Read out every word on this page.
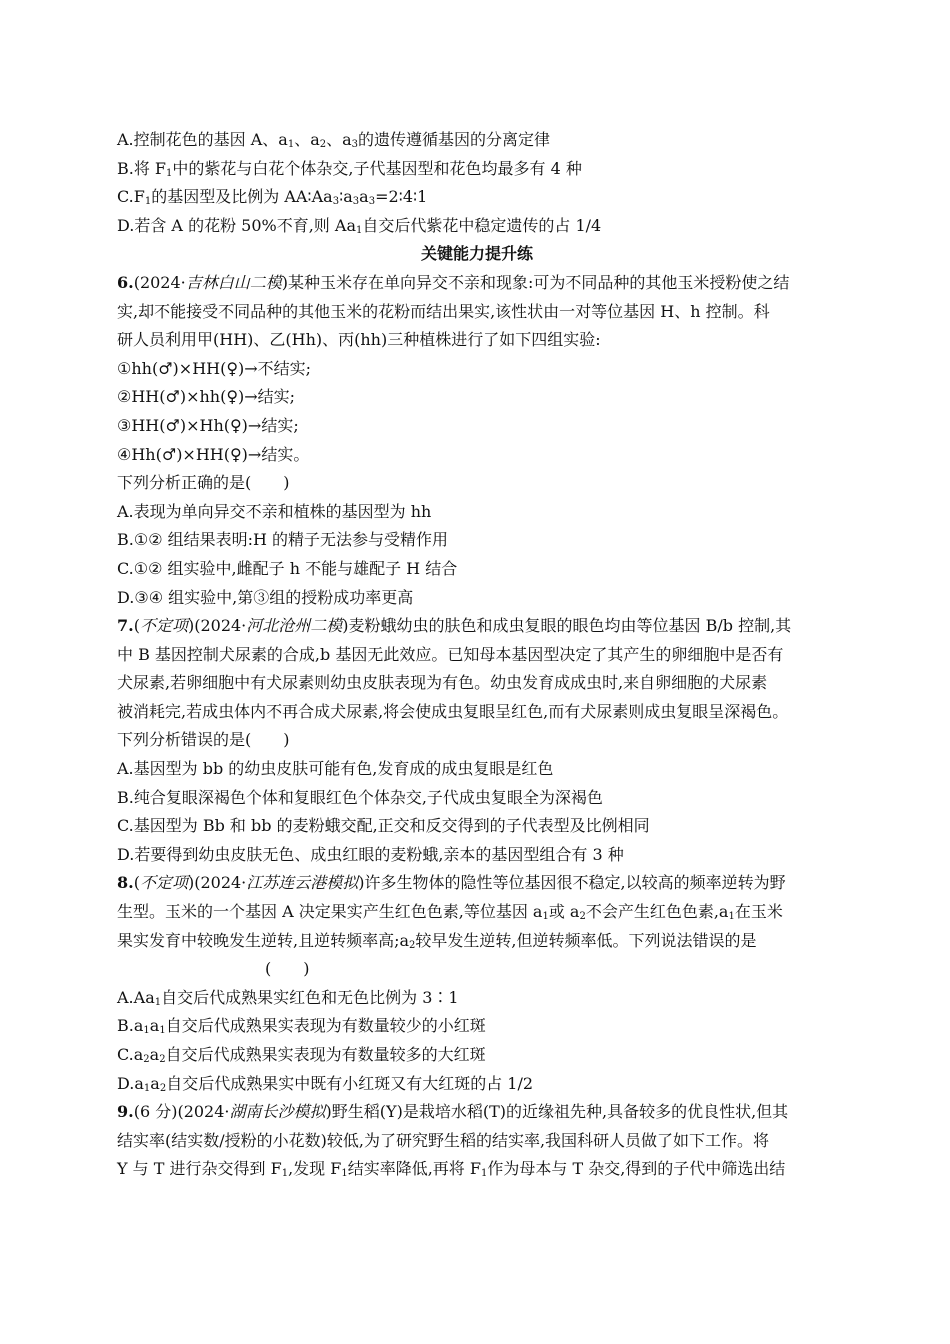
A.控制花色的基因 A、$a_1$、$a_2$、$a_3$的遗传遵循基因的分离定律
B.将 $F_1$中的紫花与白花个体杂交,子代基因型和花色均最多有 4 种
$C.F_1$的基因型及比例为 $AA∶Aa_3∶a_3a_3=2∶4∶1$
D.若含 A 的花粉 50%不育,则 $Aa_1$自交后代紫花中稳定遗传的占 1/4
关键能力提升练
6.(2024·吉林白山二模)某种玉米存在单向异交不亲和现象:可为不同品种的其他玉米授粉使之结
实,却不能接受不同品种的其他玉米的花粉而结出果实,该性状由一对等位基因 H、h 控制。科
研人员利用甲(HH)、乙(Hh)、丙(hh)三种植株进行了如下四组实验:
①hh(♂)×HH(♀)→不结实;
②HH(♂)×hh(♀)→结实;
③HH(♂)×Hh(♀)→结实;
④Hh(♂)×HH(♀)→结实。
下列分析正确的是(　　)
A.表现为单向异交不亲和植株的基因型为 hh
B.①② 组结果表明:H 的精子无法参与受精作用
C.①② 组实验中,雌配子 h 不能与雄配子 H 结合
D.③④ 组实验中,第③组的授粉成功率更高
7.(不定项)(2024·河北沧州二模)麦粉蛾幼虫的肤色和成虫复眼的眼色均由等位基因 B/b 控制,其
中 B 基因控制犬尿素的合成,b 基因无此效应。已知母本基因型决定了其产生的卵细胞中是否有
犬尿素,若卵细胞中有犬尿素则幼虫皮肤表现为有色。幼虫发育成成虫时,来自卵细胞的犬尿素
被消耗完,若成虫体内不再合成犬尿素,将会使成虫复眼呈红色,而有犬尿素则成虫复眼呈深褐色。
下列分析错误的是(　　)
A.基因型为 bb 的幼虫皮肤可能有色,发育成的成虫复眼是红色
B.纯合复眼深褐色个体和复眼红色个体杂交,子代成虫复眼全为深褐色
C.基因型为 Bb 和 bb 的麦粉蛾交配,正交和反交得到的子代表型及比例相同
D.若要得到幼虫皮肤无色、成虫红眼的麦粉蛾,亲本的基因型组合有 3 种
8.(不定项)(2024·江苏连云港模拟)许多生物体的隐性等位基因很不稳定,以较高的频率逆转为野
生型。玉米的一个基因 A 决定果实产生红色色素,等位基因 $a_1$或 $a_2$不会产生红色色素$,a_1$在玉米
果实发育中较晚发生逆转,且逆转频率高$;a_2$较早发生逆转,但逆转频率低。下列说法错误的是
(　　)
$A.Aa_1$自交后代成熟果实红色和无色比例为 3∶1
$B.a_1a_1$自交后代成熟果实表现为有数量较少的小红斑
$C.a_2a_2$自交后代成熟果实表现为有数量较多的大红斑
$D.a_1a_2$自交后代成熟果实中既有小红斑又有大红斑的占 1/2
9.(6 分)(2024·湖南长沙模拟)野生稻(Y)是栽培水稻(T)的近缘祖先种,具备较多的优良性状,但其
结实率(结实数/授粉的小花数)较低,为了研究野生稻的结实率,我国科研人员做了如下工作。将
Y 与 T 进行杂交得到 $F_1$,发现 $F_1$结实率降低,再将 $F_1$作为母本与 T 杂交,得到的子代中筛选出结
